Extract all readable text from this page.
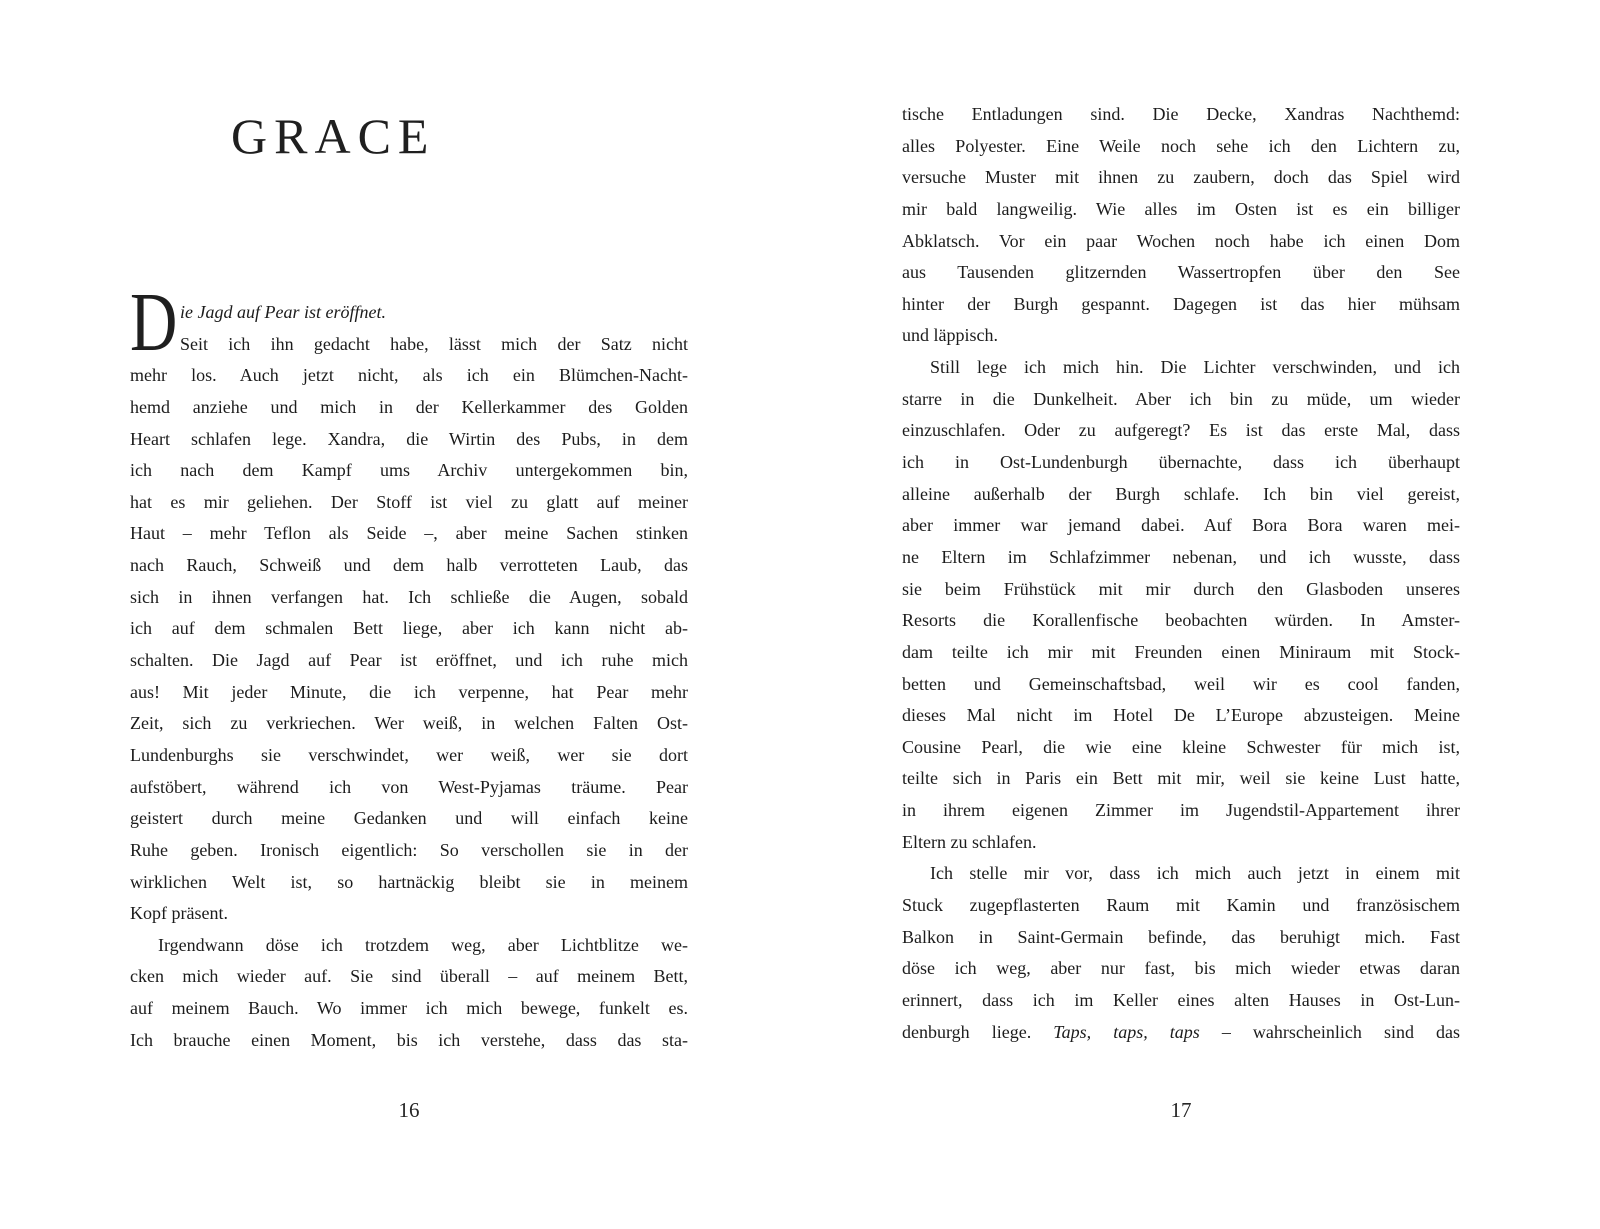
GRACE
D ie Jagd auf Pear ist eröffnet.
Seit ich ihn gedacht habe, lässt mich der Satz nicht
mehr los. Auch jetzt nicht, als ich ein Blümchen-Nacht-
hemd anziehe und mich in der Kellerkammer des Golden
Heart schlafen lege. Xandra, die Wirtin des Pubs, in dem
ich nach dem Kampf ums Archiv untergekommen bin,
hat es mir geliehen. Der Stoff ist viel zu glatt auf meiner
Haut – mehr Teflon als Seide –, aber meine Sachen stinken
nach Rauch, Schweiß und dem halb verrotteten Laub, das
sich in ihnen verfangen hat. Ich schließe die Augen, sobald
ich auf dem schmalen Bett liege, aber ich kann nicht ab-
schalten. Die Jagd auf Pear ist eröffnet, und ich ruhe mich
aus! Mit jeder Minute, die ich verpenne, hat Pear mehr
Zeit, sich zu verkriechen. Wer weiß, in welchen Falten Ost-
Lundenburghs sie verschwindet, wer weiß, wer sie dort
aufstöbert, während ich von West-Pyjamas träume. Pear
geistert durch meine Gedanken und will einfach keine
Ruhe geben. Ironisch eigentlich: So verschollen sie in der
wirklichen Welt ist, so hartnäckig bleibt sie in meinem
Kopf präsent.
Irgendwann döse ich trotzdem weg, aber Lichtblitze we-
cken mich wieder auf. Sie sind überall – auf meinem Bett,
auf meinem Bauch. Wo immer ich mich bewege, funkelt es.
Ich brauche einen Moment, bis ich verstehe, dass das sta-
16
tische Entladungen sind. Die Decke, Xandras Nachthemd:
alles Polyester. Eine Weile noch sehe ich den Lichtern zu,
versuche Muster mit ihnen zu zaubern, doch das Spiel wird
mir bald langweilig. Wie alles im Osten ist es ein billiger
Abklatsch. Vor ein paar Wochen noch habe ich einen Dom
aus Tausenden glitzernden Wassertropfen über den See
hinter der Burgh gespannt. Dagegen ist das hier mühsam
und läppisch.
Still lege ich mich hin. Die Lichter verschwinden, und ich
starre in die Dunkelheit. Aber ich bin zu müde, um wieder
einzuschlafen. Oder zu aufgeregt? Es ist das erste Mal, dass
ich in Ost-Lundenburgh übernachte, dass ich überhaupt
alleine außerhalb der Burgh schlafe. Ich bin viel gereist,
aber immer war jemand dabei. Auf Bora Bora waren mei-
ne Eltern im Schlafzimmer nebenan, und ich wusste, dass
sie beim Frühstück mit mir durch den Glasboden unseres
Resorts die Korallenfische beobachten würden. In Amster-
dam teilte ich mir mit Freunden einen Miniraum mit Stock-
betten und Gemeinschaftsbad, weil wir es cool fanden,
dieses Mal nicht im Hotel De L’Europe abzusteigen. Meine
Cousine Pearl, die wie eine kleine Schwester für mich ist,
teilte sich in Paris ein Bett mit mir, weil sie keine Lust hatte,
in ihrem eigenen Zimmer im Jugendstil-Appartement ihrer
Eltern zu schlafen.
Ich stelle mir vor, dass ich mich auch jetzt in einem mit
Stuck zugepflasterten Raum mit Kamin und französischem
Balkon in Saint-Germain befinde, das beruhigt mich. Fast
döse ich weg, aber nur fast, bis mich wieder etwas daran
erinnert, dass ich im Keller eines alten Hauses in Ost-Lun-
denburgh liege. Taps, taps, taps – wahrscheinlich sind das
17
